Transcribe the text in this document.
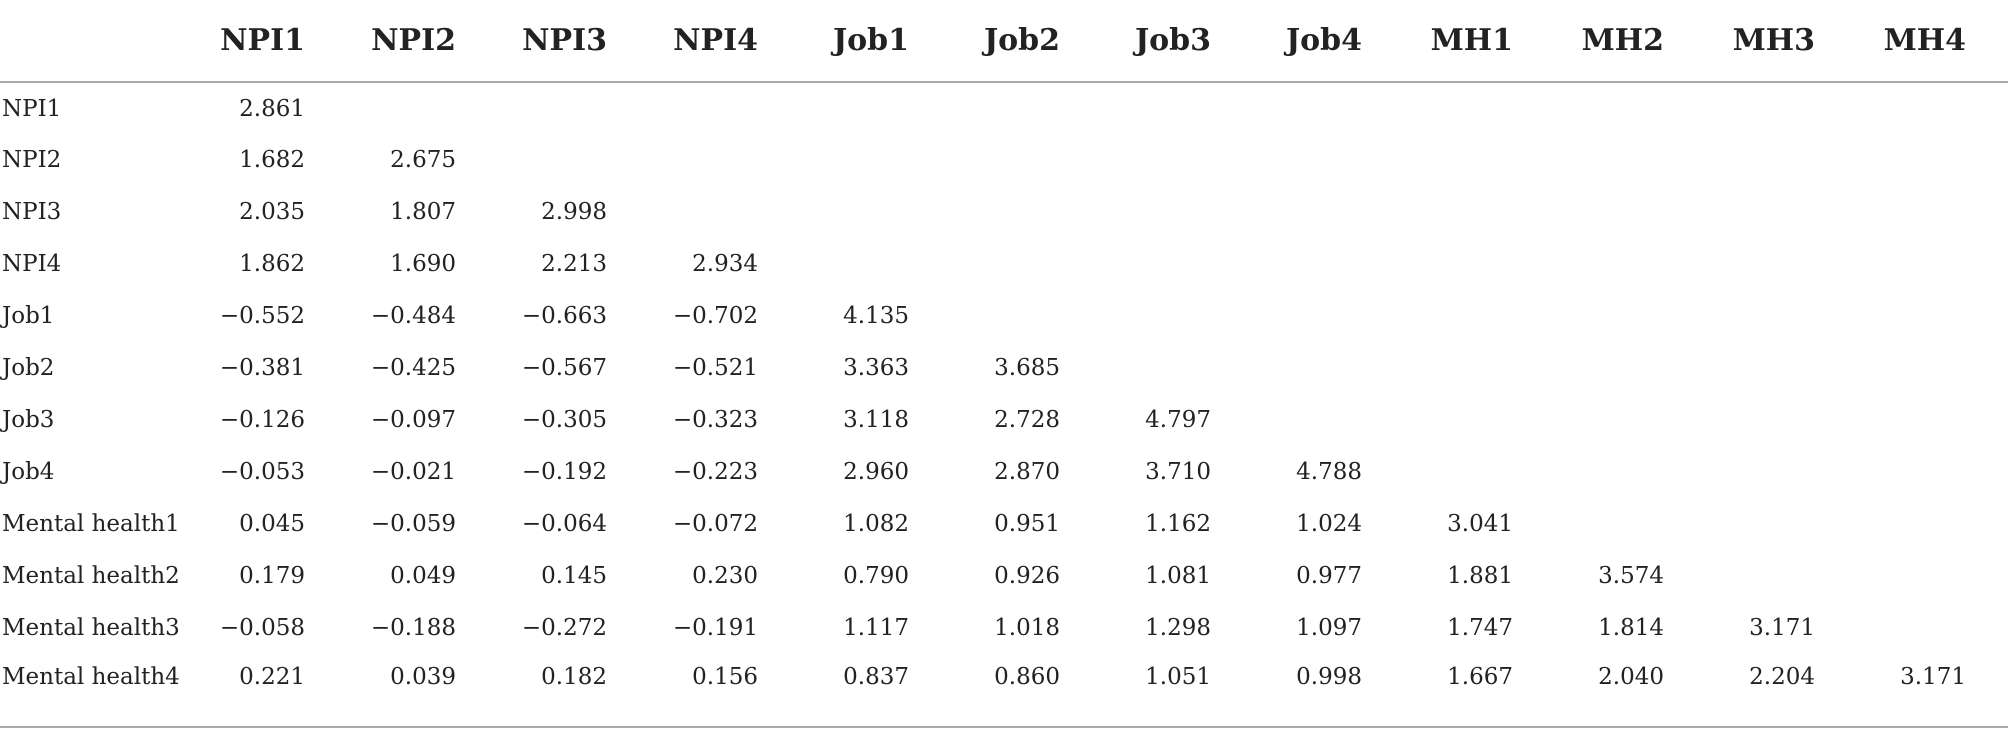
	NPI1	NPI2	NPI3	NPI4	Job1	Job2	Job3	Job4	MH1	MH2	MH3	MH4
NPI1	2.861											
NPI2	1.682	2.675										
NPI3	2.035	1.807	2.998									
NPI4	1.862	1.690	2.213	2.934								
Job1	−0.552	−0.484	−0.663	−0.702	4.135							
Job2	−0.381	−0.425	−0.567	−0.521	3.363	3.685						
Job3	−0.126	−0.097	−0.305	−0.323	3.118	2.728	4.797					
Job4	−0.053	−0.021	−0.192	−0.223	2.960	2.870	3.710	4.788				
Mental health1	0.045	−0.059	−0.064	−0.072	1.082	0.951	1.162	1.024	3.041			
Mental health2	0.179	0.049	0.145	0.230	0.790	0.926	1.081	0.977	1.881	3.574		
Mental health3	−0.058	−0.188	−0.272	−0.191	1.117	1.018	1.298	1.097	1.747	1.814	3.171	
Mental health4	0.221	0.039	0.182	0.156	0.837	0.860	1.051	0.998	1.667	2.040	2.204	3.171
